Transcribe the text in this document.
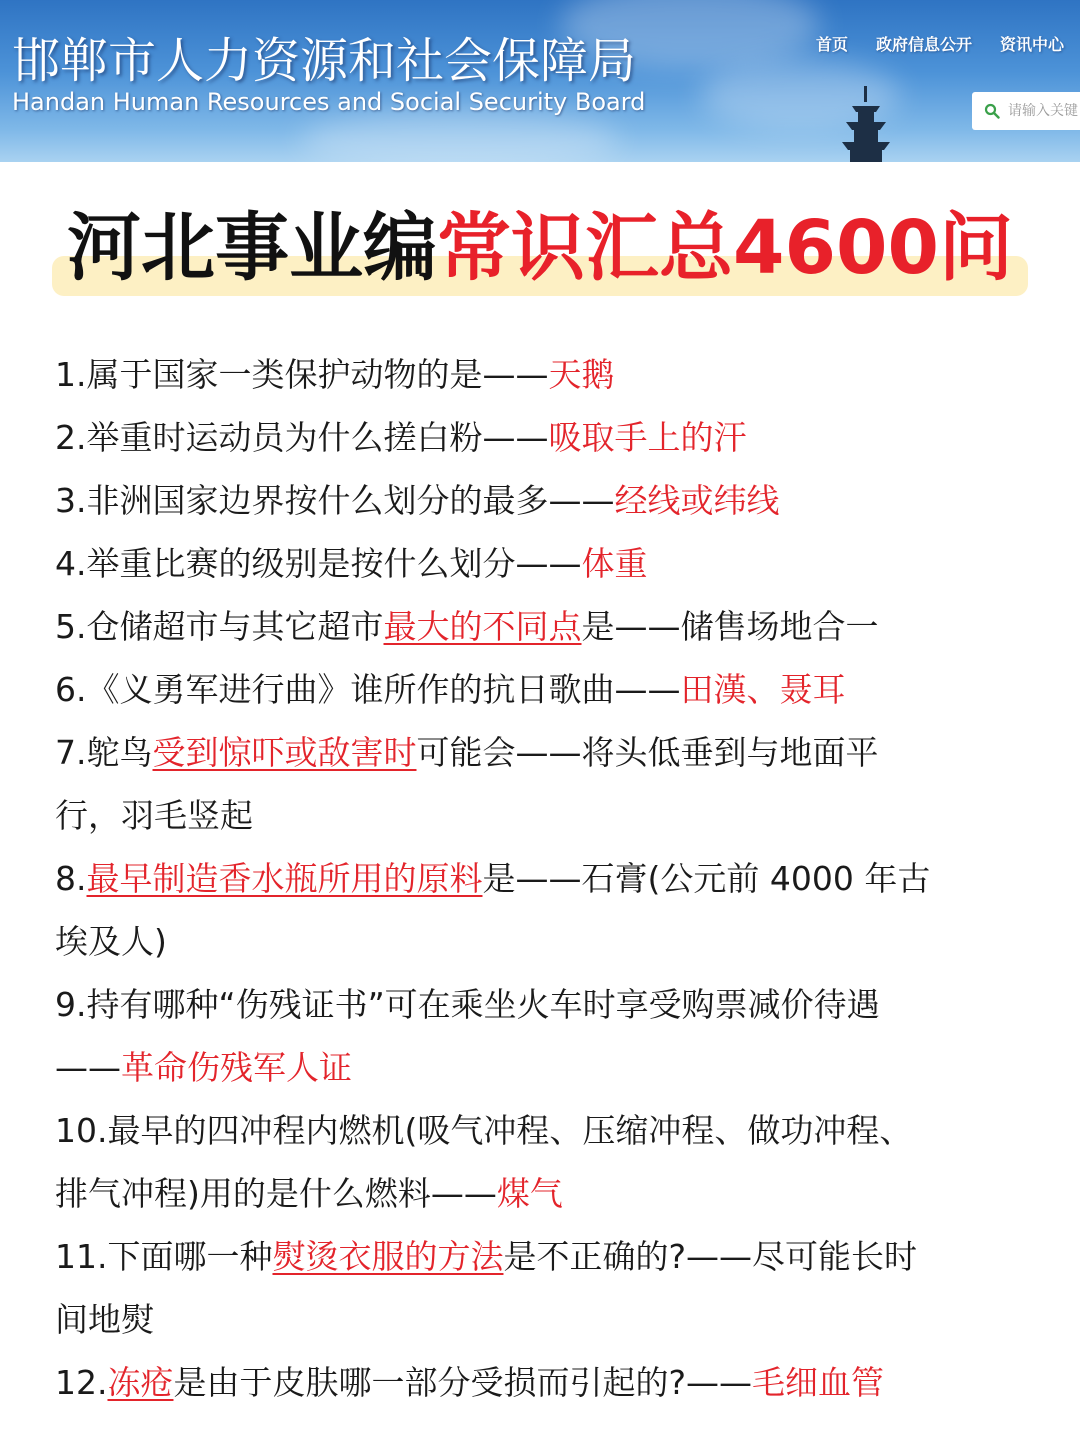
邯郸市人力资源和社会保障局
Handan Human Resources and Social Security Board
首页 政府信息公开 资讯中心
请输入关键
河北事业编常识汇总4600问
1.属于国家一类保护动物的是——天鹅
2.举重时运动员为什么搓白粉——吸取手上的汗
3.非洲国家边界按什么划分的最多——经线或纬线
4.举重比赛的级别是按什么划分——体重
5.仓储超市与其它超市最大的不同点是——储售场地合一
6.《义勇军进行曲》谁所作的抗日歌曲——田漢、聂耳
7.鸵鸟受到惊吓或敌害时可能会——将头低垂到与地面平
行，羽毛竖起
8.最早制造香水瓶所用的原料是——石膏(公元前 4000 年古
埃及人)
9.持有哪种“伤残证书”可在乘坐火车时享受购票减价待遇
——革命伤残军人证
10.最早的四冲程内燃机(吸气冲程、压缩冲程、做功冲程、
排气冲程)用的是什么燃料——煤气
11.下面哪一种熨烫衣服的方法是不正确的?——尽可能长时
间地熨
12.冻疮是由于皮肤哪一部分受损而引起的?——毛细血管
